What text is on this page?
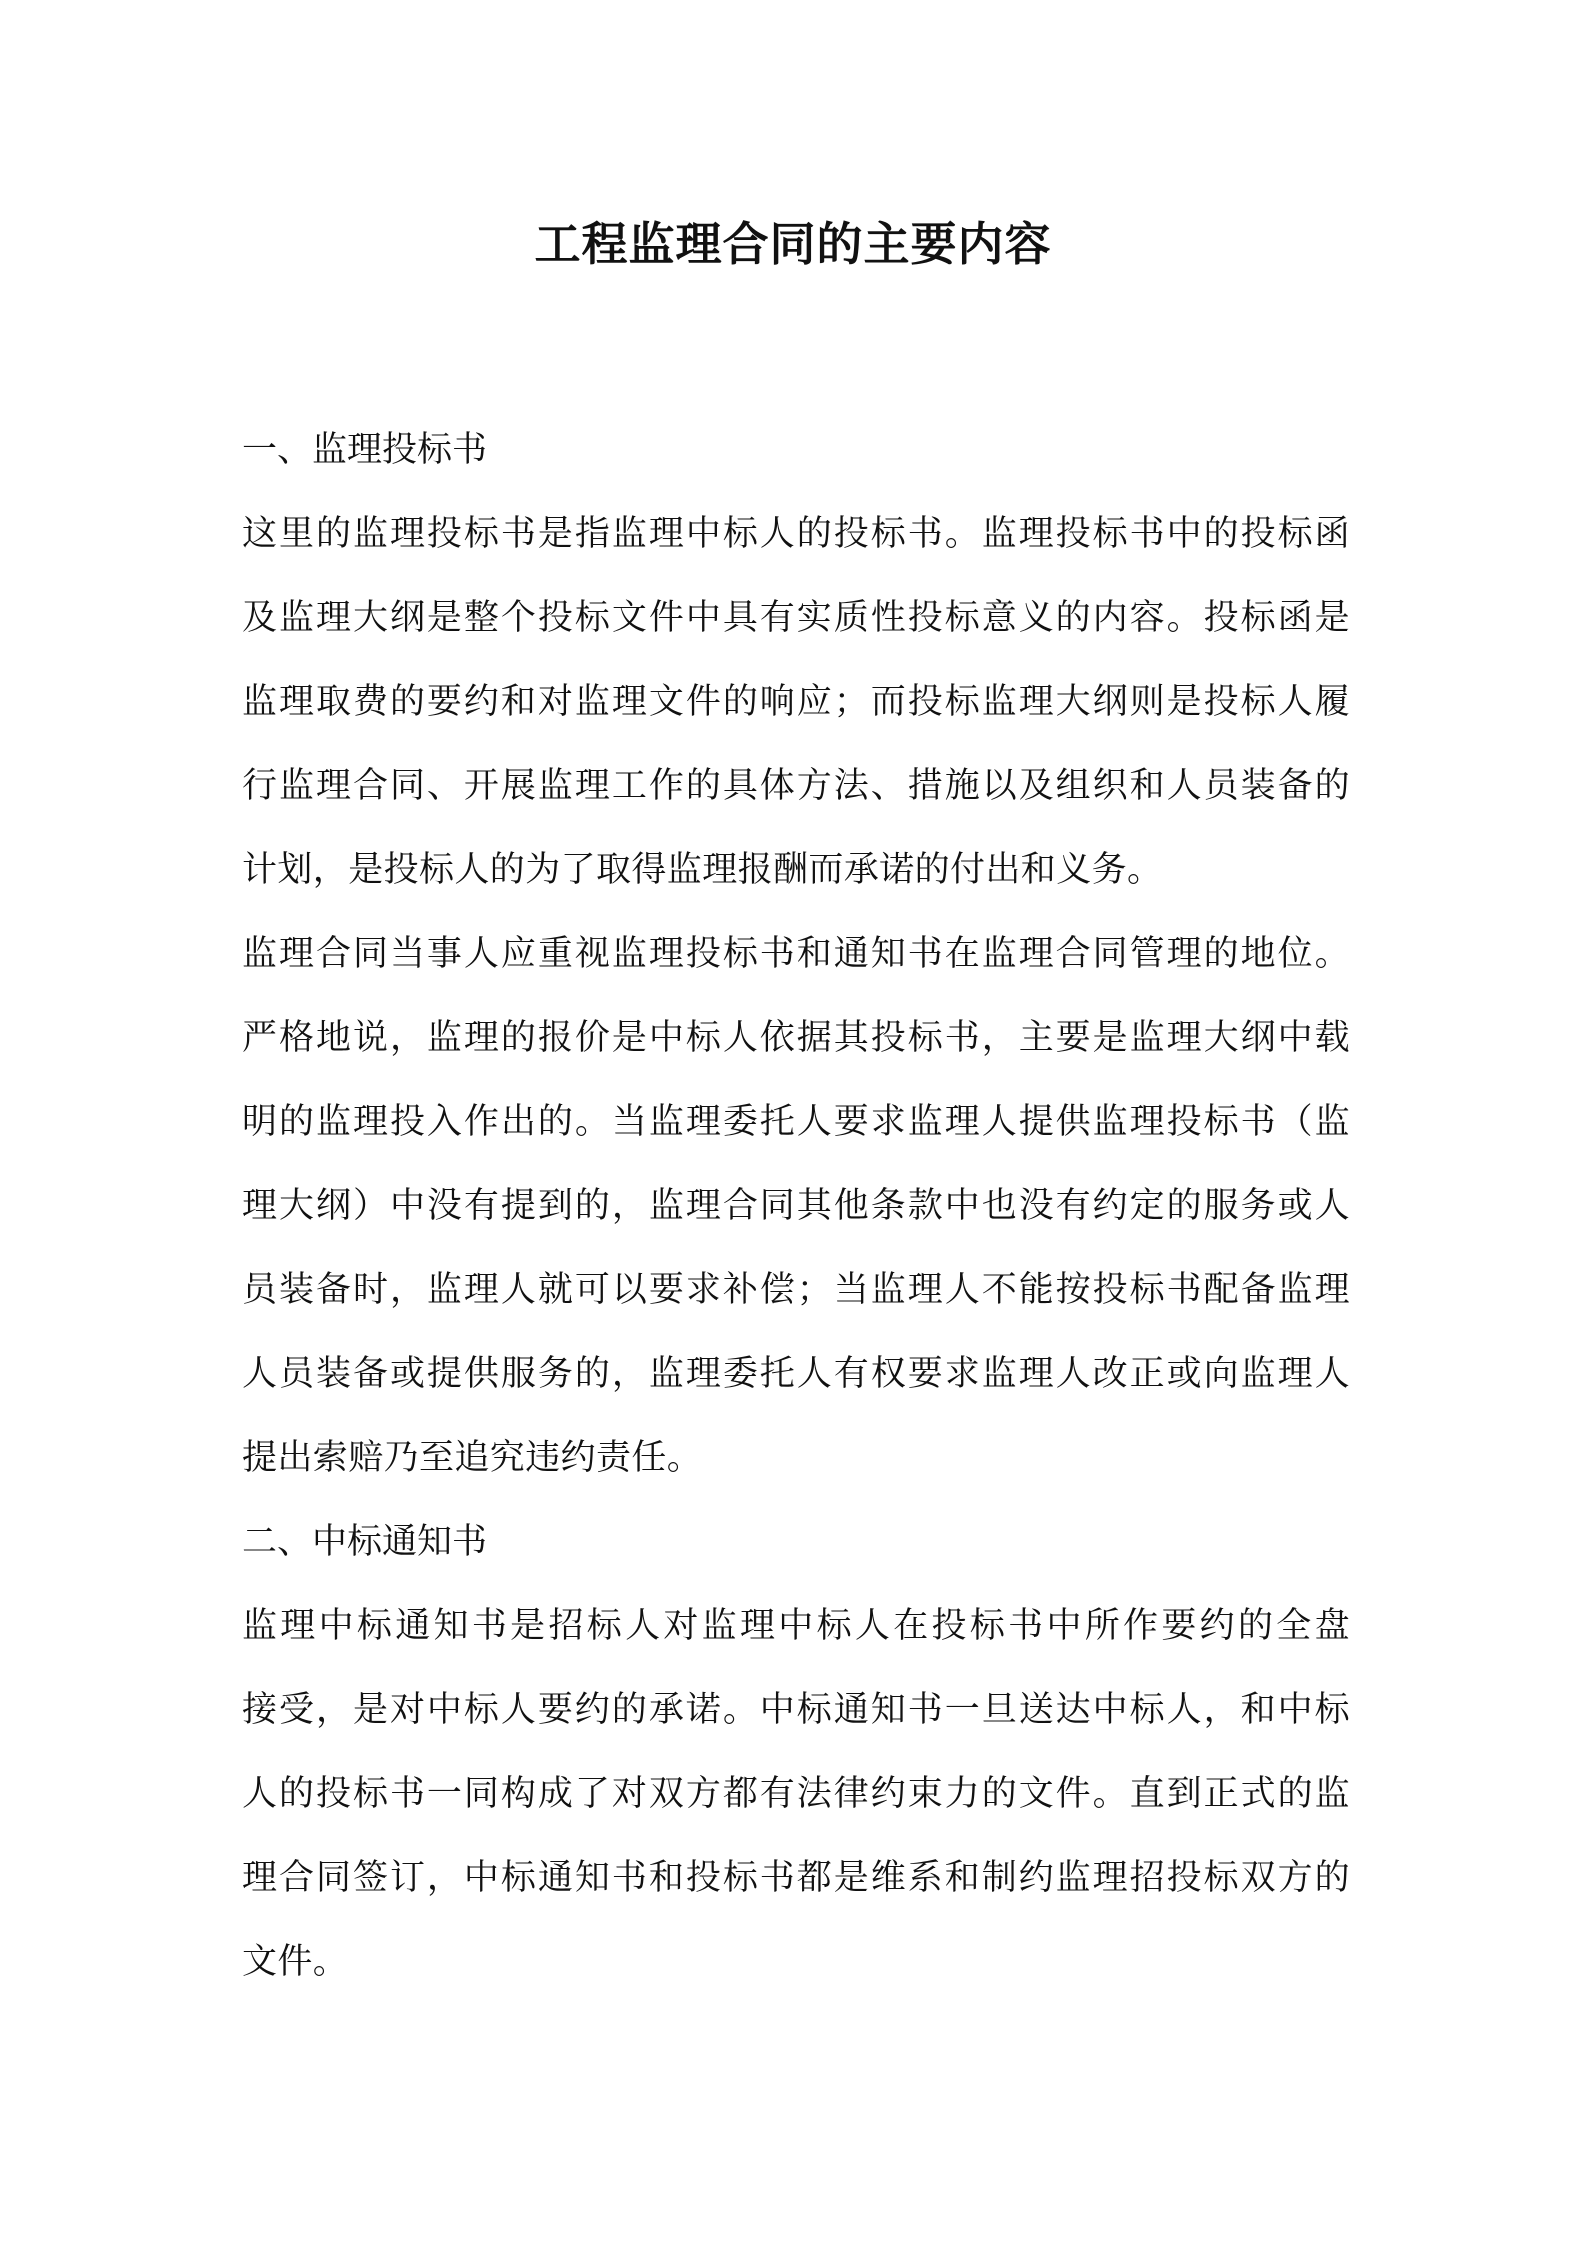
工程监理合同的主要内容
一、监理投标书

这里的监理投标书是指监理中标人的投标书。监理投标书中的投标函
及监理大纲是整个投标文件中具有实质性投标意义的内容。投标函是
监理取费的要约和对监理文件的响应；而投标监理大纲则是投标人履
行监理合同、开展监理工作的具体方法、措施以及组织和人员装备的
计划，是投标人的为了取得监理报酬而承诺的付出和义务。

监理合同当事人应重视监理投标书和通知书在监理合同管理的地位。
严格地说，监理的报价是中标人依据其投标书，主要是监理大纲中载
明的监理投入作出的。当监理委托人要求监理人提供监理投标书（监
理大纲）中没有提到的，监理合同其他条款中也没有约定的服务或人
员装备时，监理人就可以要求补偿；当监理人不能按投标书配备监理
人员装备或提供服务的，监理委托人有权要求监理人改正或向监理人
提出索赔乃至追究违约责任。

二、中标通知书

监理中标通知书是招标人对监理中标人在投标书中所作要约的全盘
接受，是对中标人要约的承诺。中标通知书一旦送达中标人，和中标
人的投标书一同构成了对双方都有法律约束力的文件。直到正式的监
理合同签订，中标通知书和投标书都是维系和制约监理招投标双方的
文件。
